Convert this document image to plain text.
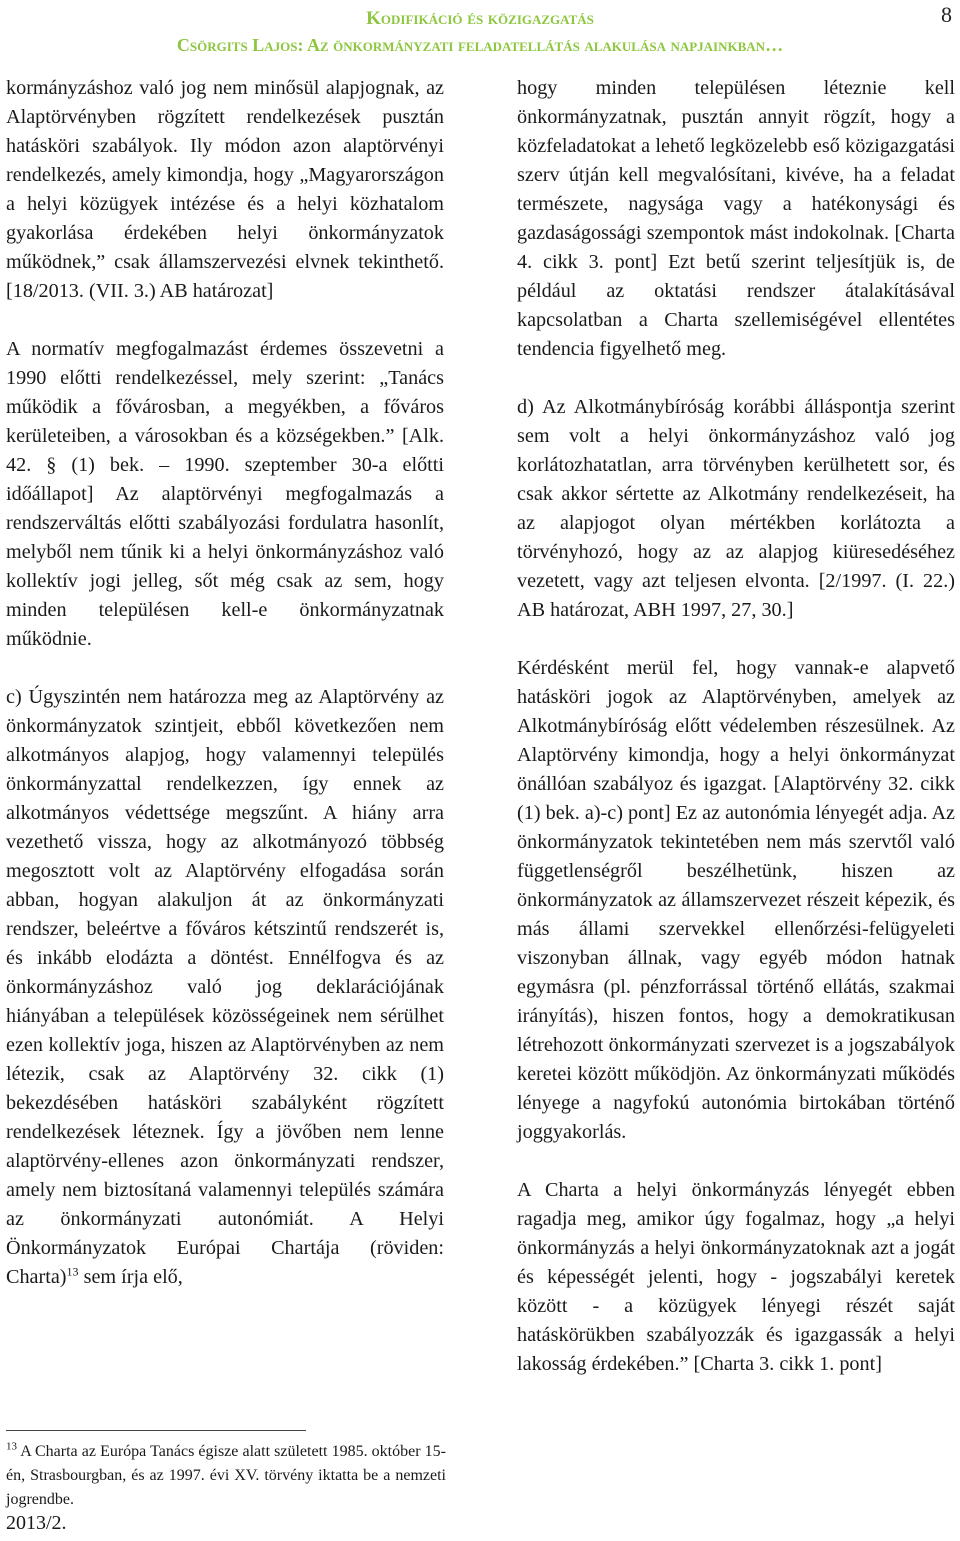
Kodifikáció és közigazgatás
Csörgits Lajos: Az önkormányzati feladatellátás alakulása napjainkban…
8

kormányzáshoz való jog nem minősül alapjognak, az Alaptörvényben rögzített rendelkezések pusztán hatásköri szabályok. Ily módon azon alaptörvényi rendelkezés, amely kimondja, hogy „Magyarországon a helyi közügyek intézése és a helyi közhatalom gyakorlása érdekében helyi önkormányzatok működnek,” csak államszervezési elvnek tekinthető. [18/2013. (VII. 3.) AB határozat]

A normatív megfogalmazást érdemes összevetni a 1990 előtti rendelkezéssel, mely szerint: „Tanács működik a fővárosban, a megyékben, a főváros kerületeiben, a városokban és a községekben.” [Alk. 42. § (1) bek. – 1990. szeptember 30-a előtti időállapot] Az alaptörvényi megfogalmazás a rendszerváltás előtti szabályozási fordulatra hasonlít, melyből nem tűnik ki a helyi önkormányzáshoz való kollektív jogi jelleg, sőt még csak az sem, hogy minden településen kell-e önkormányzatnak működnie.

c) Úgyszintén nem határozza meg az Alaptörvény az önkormányzatok szintjeit, ebből következően nem alkotmányos alapjog, hogy valamennyi település önkormányzattal rendelkezzen, így ennek az alkotmányos védettsége megszűnt. A hiány arra vezethető vissza, hogy az alkotmányozó többség megosztott volt az Alaptörvény elfogadása során abban, hogyan alakuljon át az önkormányzati rendszer, beleértve a főváros kétszintű rendszerét is, és inkább elodázta a döntést. Ennélfogva és az önkormányzáshoz való jog deklarációjának hiányában a települések közösségeinek nem sérülhet ezen kollektív joga, hiszen az Alaptörvényben az nem létezik, csak az Alaptörvény 32. cikk (1) bekezdésében hatásköri szabályként rögzített rendelkezések léteznek. Így a jövőben nem lenne alaptörvény-ellenes azon önkormányzati rendszer, amely nem biztosítaná valamennyi település számára az önkormányzati autonómiát. A Helyi Önkormányzatok Európai Chartája (röviden: Charta)$^{13}$ sem írja elő,

hogy minden településen léteznie kell önkormányzatnak, pusztán annyit rögzít, hogy a közfeladatokat a lehető legközelebb eső közigazgatási szerv útján kell megvalósítani, kivéve, ha a feladat természete, nagysága vagy a hatékonysági és gazdaságossági szempontok mást indokolnak. [Charta 4. cikk 3. pont] Ezt betű szerint teljesítjük is, de például az oktatási rendszer átalakításával kapcsolatban a Charta szellemiségével ellentétes tendencia figyelhető meg.

d) Az Alkotmánybíróság korábbi álláspontja szerint sem volt a helyi önkormányzáshoz való jog korlátozhatatlan, arra törvényben kerülhetett sor, és csak akkor sértette az Alkotmány rendelkezéseit, ha az alapjogot olyan mértékben korlátozta a törvényhozó, hogy az az alapjog kiüresedéséhez vezetett, vagy azt teljesen elvonta. [2/1997. (I. 22.) AB határozat, ABH 1997, 27, 30.]

Kérdésként merül fel, hogy vannak-e alapvető hatásköri jogok az Alaptörvényben, amelyek az Alkotmánybíróság előtt védelemben részesülnek. Az Alaptörvény kimondja, hogy a helyi önkormányzat önállóan szabályoz és igazgat. [Alaptörvény 32. cikk (1) bek. a)-c) pont] Ez az autonómia lényegét adja. Az önkormányzatok tekintetében nem más szervtől való függetlenségről beszélhetünk, hiszen az önkormányzatok az államszervezet részeit képezik, és más állami szervekkel ellenőrzési-felügyeleti viszonyban állnak, vagy egyéb módon hatnak egymásra (pl. pénzforrással történő ellátás, szakmai irányítás), hiszen fontos, hogy a demokratikusan létrehozott önkormányzati szervezet is a jogszabályok keretei között működjön. Az önkormányzati működés lényege a nagyfokú autonómia birtokában történő joggyakorlás.

A Charta a helyi önkormányzás lényegét ebben ragadja meg, amikor úgy fogalmaz, hogy „a helyi önkormányzás a helyi önkormányzatoknak azt a jogát és képességét jelenti, hogy - jogszabályi keretek között - a közügyek lényegi részét saját hatáskörükben szabályozzák és igazgassák a helyi lakosság érdekében.” [Charta 3. cikk 1. pont]

$^{13}$ A Charta az Európa Tanács égisze alatt született 1985. október 15-én, Strasbourgban, és az 1997. évi XV. törvény iktatta be a nemzeti jogrendbe.
2013/2.
